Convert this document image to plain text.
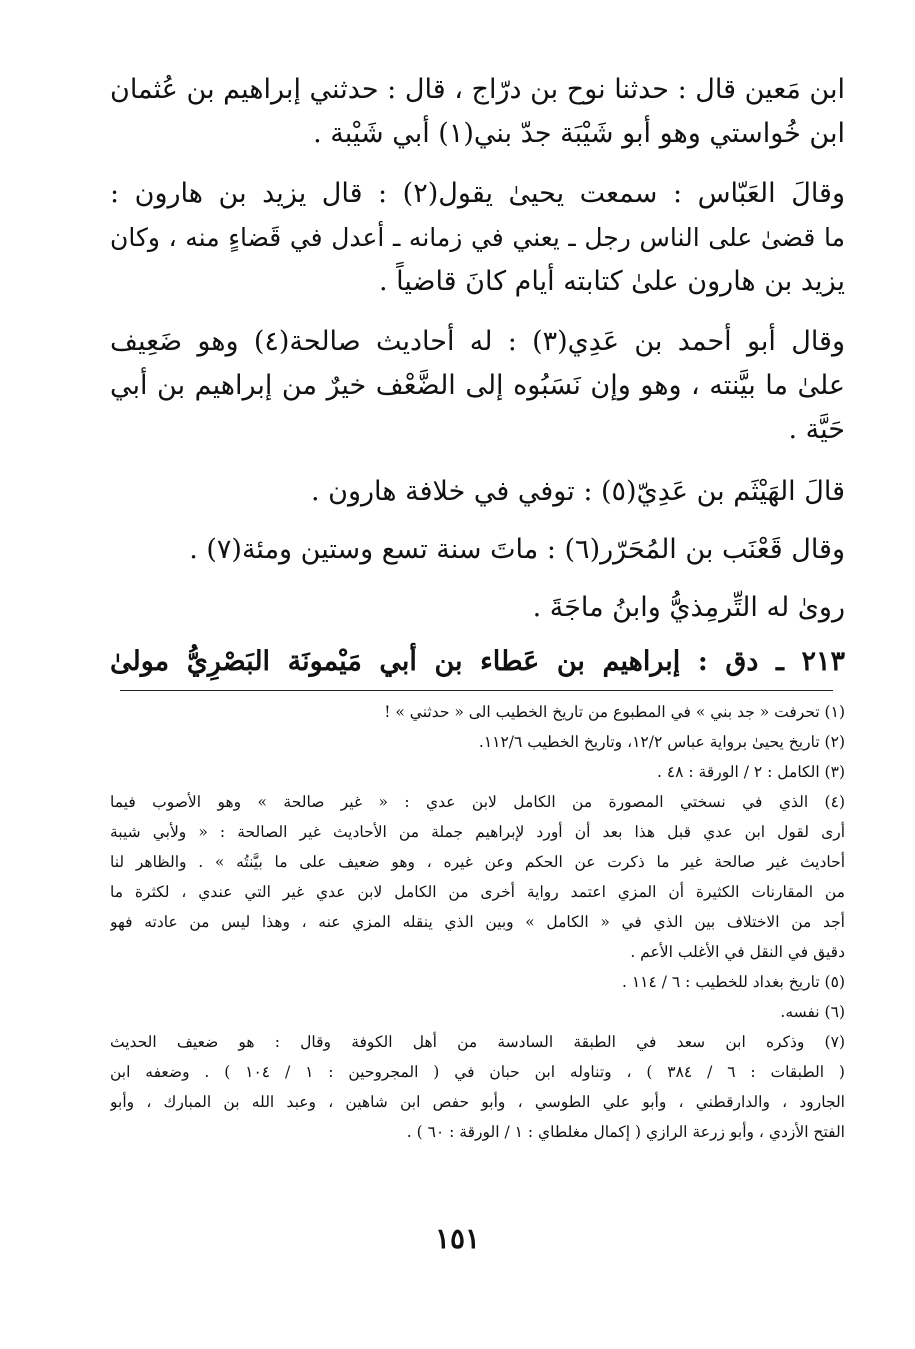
ابن مَعين قال : حدثنا نوح بن درّاج ، قال : حدثني إبراهيم بن عُثمان
ابن خُواستي وهو أبو شَيْبَة جدّ بني(١) أبي شَيْبة .
وقالَ العَبّاس : سمعت يحيىٰ يقول(٢) : قال يزيد بن هارون :
ما قضىٰ على الناس رجل ـ يعني في زمانه ـ أعدل في قَضاءٍ منه ، وكان
يزيد بن هارون علىٰ كتابته أيام كانَ قاضياً .
وقال أبو أحمد بن عَدِي(٣) : له أحاديث صالحة(٤) وهو ضَعِيف
علىٰ ما بيَّنته ، وهو وإن نَسَبُوه إلى الضَّعْف خيرٌ من إبراهيم بن أبي
حَيَّة .
قالَ الهَيْثَم بن عَدِيّ(٥) : توفي في خلافة هارون .
وقال قَعْنَب بن المُحَرّر(٦) : ماتَ سنة تسع وستين ومئة(٧) .
روىٰ له التِّرمِذيُّ وابنُ ماجَةَ .
٢١٣ ـ دق : إبراهيم بن عَطاء بن أبي مَيْمونَة البَصْرِيُّ مولىٰ
(١) تحرفت « جد بني » في المطبوع من تاريخ الخطيب الى « حدثني » !
(٢) تاريخ يحيىٰ برواية عباس ١٢/٢، وتاريخ الخطيب ١١٢/٦.
(٣) الكامل : ٢ / الورقة : ٤٨ .
(٤) الذي في نسختي المصورة من الكامل لابن عدي : « غير صالحة » وهو الأصوب فيما
أرى لقول ابن عدي قبل هذا بعد أن أورد لإبراهيم جملة من الأحاديث غير الصالحة : « ولأبي شيبة
أحاديث غير صالحة غير ما ذكرت عن الحكم وعن غيره ، وهو ضعيف على ما بيَّنتُه » . والظاهر لنا
من المقارنات الكثيرة أن المزي اعتمد رواية أخرى من الكامل لابن عدي غير التي عندي ، لكثرة ما
أجد من الاختلاف بين الذي في « الكامل » وبين الذي ينقله المزي عنه ، وهذا ليس من عادته فهو
دقيق في النقل في الأغلب الأعم .
(٥) تاريخ بغداد للخطيب : ٦ / ١١٤ .
(٦) نفسه.
(٧) وذكره ابن سعد في الطبقة السادسة من أهل الكوفة وقال : هو ضعيف الحديث
( الطبقات : ٦ / ٣٨٤ ) ، وتناوله ابن حبان في ( المجروحين : ١ / ١٠٤ ) . وضعفه ابن
الجارود ، والدارقطني ، وأبو علي الطوسي ، وأبو حفص ابن شاهين ، وعبد الله بن المبارك ، وأبو
الفتح الأزدي ، وأبو زرعة الرازي ( إكمال مغلطاي : ١ / الورقة : ٦٠ ) .
١٥١
